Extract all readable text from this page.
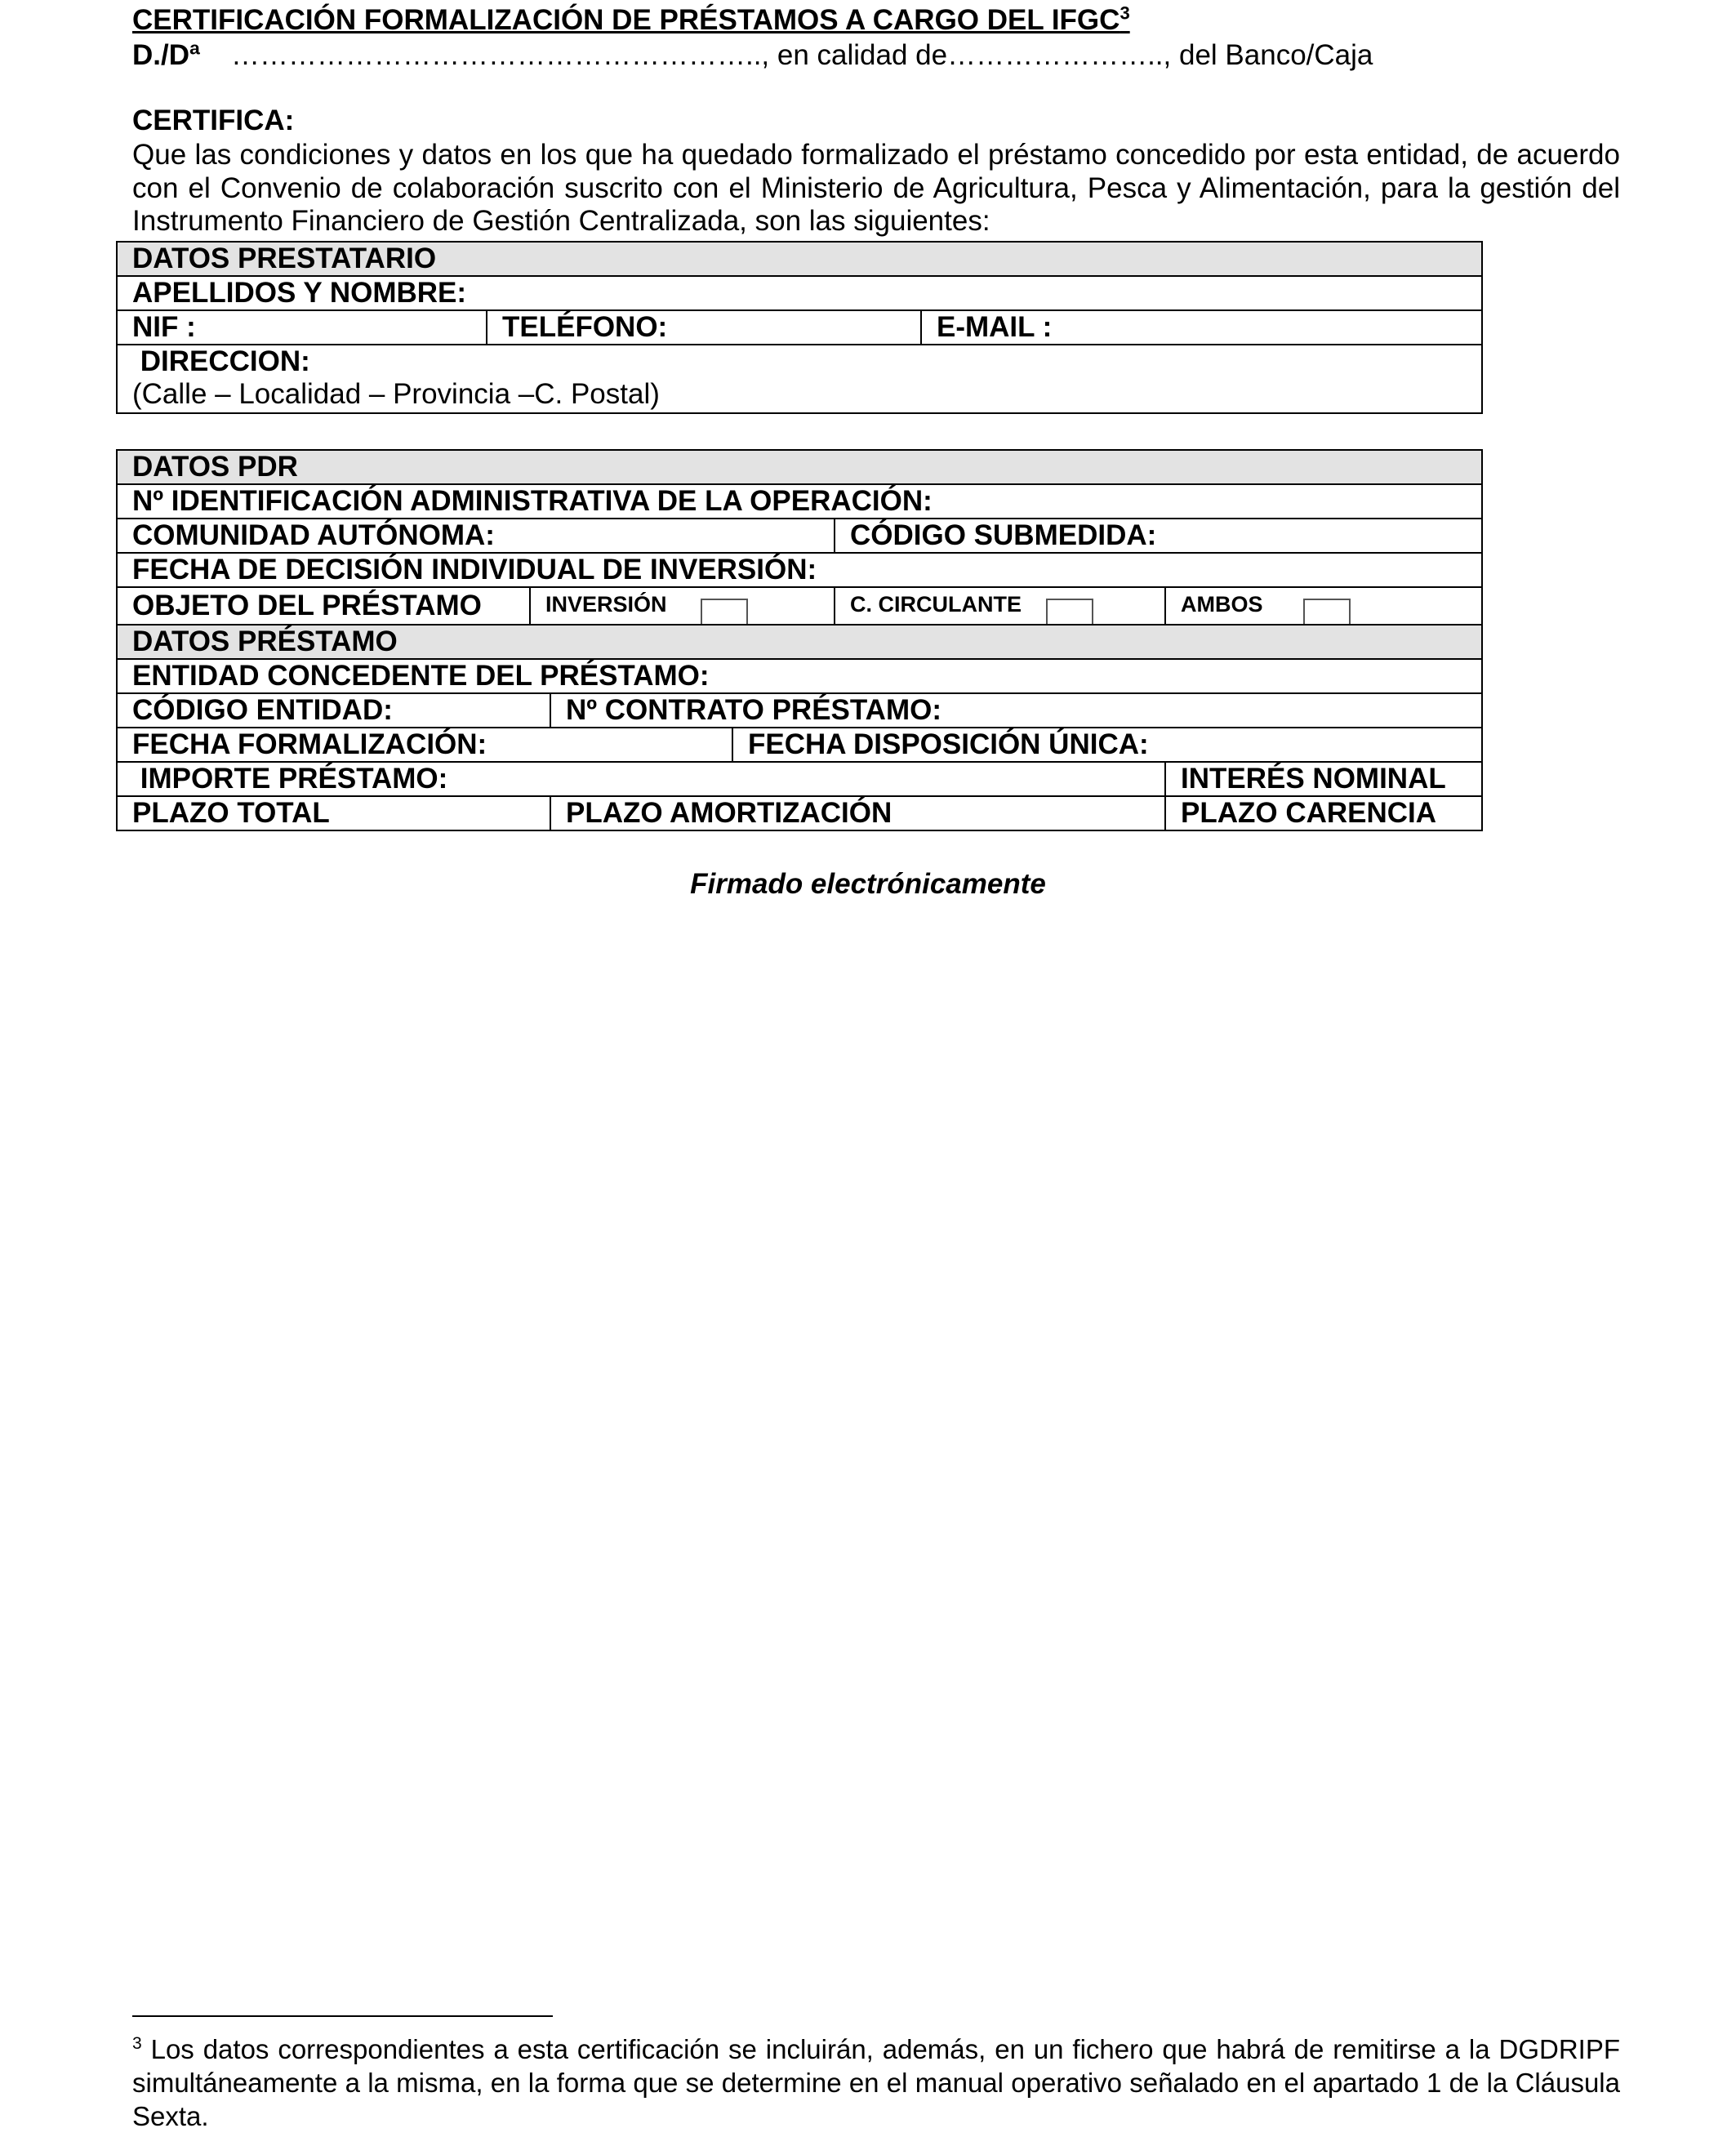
CERTIFICACIÓN FORMALIZACIÓN DE PRÉSTAMOS A CARGO DEL IFGC$^3$
D./Dª ……………………………………………….., en calidad de………………….., del Banco/Caja
CERTIFICA:
Que las condiciones y datos en los que ha quedado formalizado el préstamo concedido por esta entidad, de acuerdo con el Convenio de colaboración suscrito con el Ministerio de Agricultura, Pesca y Alimentación, para la gestión del Instrumento Financiero de Gestión Centralizada, son las siguientes:
DATOS PRESTATARIO
APELLIDOS Y NOMBRE:
NIF :	TELÉFONO:	E-MAIL :
DIRECCION:
(Calle – Localidad – Provincia –C. Postal)
DATOS PDR					
Nº IDENTIFICACIÓN ADMINISTRATIVA DE LA OPERACIÓN:					
COMUNIDAD AUTÓNOMA:				CÓDIGO SUBMEDIDA:	
FECHA DE DECISIÓN INDIVIDUAL DE INVERSIÓN:					
OBJETO DEL PRÉSTAMO	INVERSIÓN			C. CIRCULANTE	AMBOS

DATOS PRÉSTAMO					
ENTIDAD CONCEDENTE DEL PRÉSTAMO:					
CÓDIGO ENTIDAD:		Nº CONTRATO PRÉSTAMO:			
FECHA FORMALIZACIÓN:			FECHA DISPOSICIÓN ÚNICA:		
IMPORTE PRÉSTAMO:					INTERÉS NOMINAL
PLAZO TOTAL		PLAZO AMORTIZACIÓN			PLAZO CARENCIA
Firmado electrónicamente
$^3$ Los datos correspondientes a esta certificación se incluirán, además, en un fichero que habrá de remitirse a la DGDRIPF simultáneamente a la misma, en la forma que se determine en el manual operativo señalado en el apartado 1 de la Cláusula Sexta.
